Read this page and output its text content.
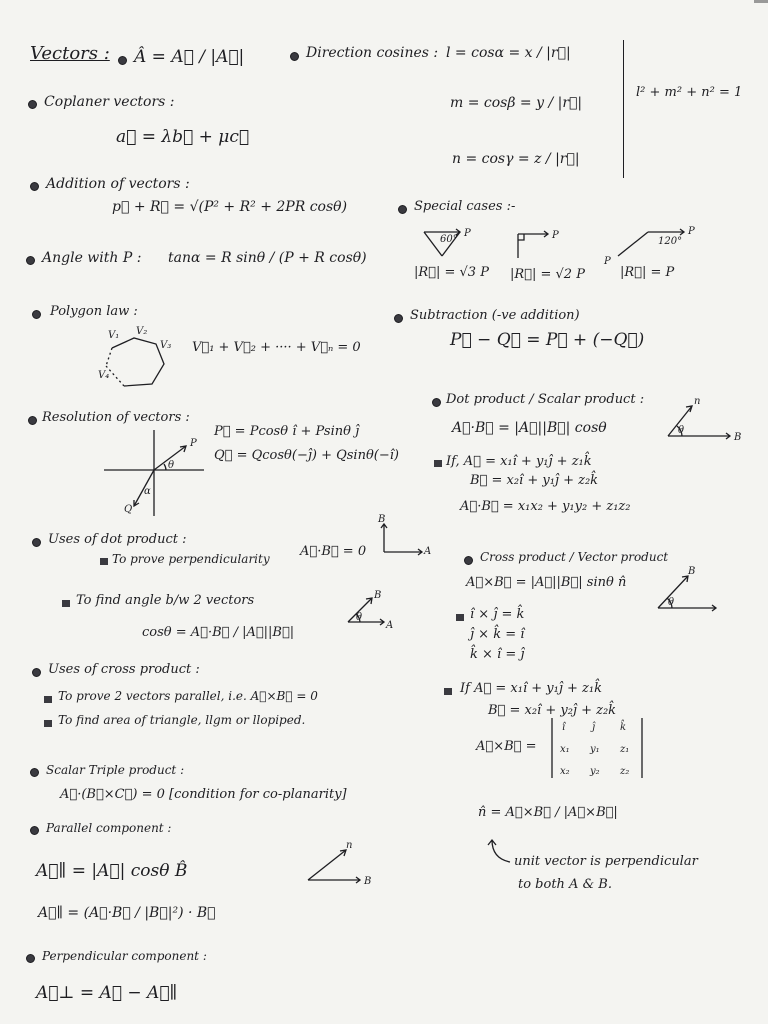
Vectors : Â = A⃗ / |A⃗|	Direction cosines : l = cosα = x / |r⃗|
m = cosβ = y / |r⃗|
n = cosγ = z / |r⃗|
l² + m² + n² = 1
Coplaner vectors :
a⃗ = λb⃗ + μc⃗
Addition of vectors :
p⃗ + R⃗ = √(P² + R² + 2PR cosθ)	Special cases :-
60°
P
|R⃗| = √3 P
P
|R⃗| = √2 P
120°
P
P
|R⃗| = P
Angle with P : tanα = R sinθ / (P + R cosθ)
Polygon law :
V₁ V₂
V₃
V₄
V⃗₁ + V⃗₂ + ···· + V⃗ₙ = 0
Subtraction (-ve addition)
P⃗ − Q⃗ = P⃗ + (−Q⃗)
Dot product / Scalar product :
A⃗·B⃗ = |A⃗||B⃗| cosθ
n
θ
B
If, A⃗ = x₁î + y₁ĵ + z₁k̂
B⃗ = x₂î + y₁ĵ + z₂k̂
A⃗·B⃗ = x₁x₂ + y₁y₂ + z₁z₂
Resolution of vectors :
P
θ
α
Q
P⃗ = Pcosθ î + Psinθ ĵ
Q⃗ = Qcosθ(−ĵ) + Qsinθ(−î)
Uses of dot product :
To prove perpendicularity A⃗·B⃗ = 0
B
A
To find angle b/w 2 vectors
cosθ = A⃗·B⃗ / |A⃗||B⃗|
B
θ
A
Cross product / Vector product
A⃗×B⃗ = |A⃗||B⃗| sinθ n̂
B
θ
î × ĵ = k̂
ĵ × k̂ = î
k̂ × î = ĵ
If A⃗ = x₁î + y₁ĵ + z₁k̂
B⃗ = x₂î + y₂ĵ + z₂k̂
A⃗×B⃗ =
î	ĵ k̂
x₁ y₁ z₁
x₂ y₂ z₂
n̂ = A⃗×B⃗ / |A⃗×B⃗|
unit vector is perpendicular
to both A & B.
Uses of cross product :
To prove 2 vectors parallel, i.e. A⃗×B⃗ = 0
To find area of triangle, llgm or llopiped.
Scalar Triple product :
A⃗·(B⃗×C⃗) = 0 [condition for co-planarity]
Parallel component :
A⃗∥ = |A⃗| cosθ B̂
n
B
A⃗∥ = (A⃗·B⃗ / |B⃗|²) · B⃗
Perpendicular component :
A⃗⊥ = A⃗ − A⃗∥
